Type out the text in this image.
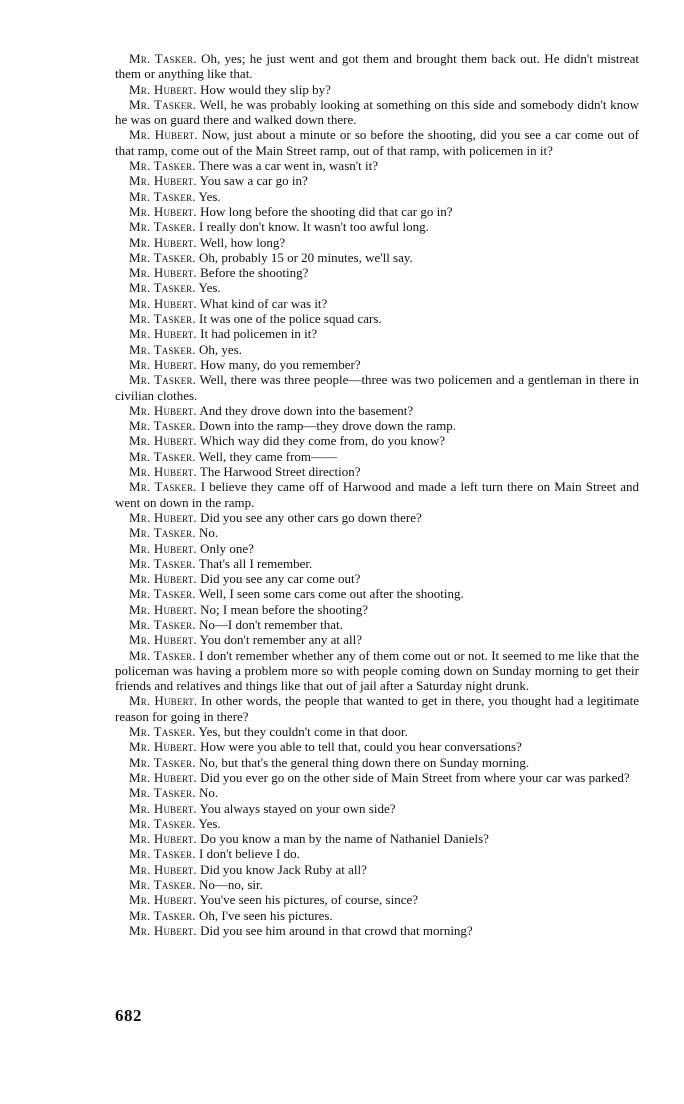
Mr. Tasker. Oh, yes; he just went and got them and brought them back out. He didn't mistreat them or anything like that.

Mr. Hubert. How would they slip by?

Mr. Tasker. Well, he was probably looking at something on this side and somebody didn't know he was on guard there and walked down there.

Mr. Hubert. Now, just about a minute or so before the shooting, did you see a car come out of that ramp, come out of the Main Street ramp, out of that ramp, with policemen in it?

Mr. Tasker. There was a car went in, wasn't it?

Mr. Hubert. You saw a car go in?

Mr. Tasker. Yes.

Mr. Hubert. How long before the shooting did that car go in?

Mr. Tasker. I really don't know. It wasn't too awful long.

Mr. Hubert. Well, how long?

Mr. Tasker. Oh, probably 15 or 20 minutes, we'll say.

Mr. Hubert. Before the shooting?

Mr. Tasker. Yes.

Mr. Hubert. What kind of car was it?

Mr. Tasker. It was one of the police squad cars.

Mr. Hubert. It had policemen in it?

Mr. Tasker. Oh, yes.

Mr. Hubert. How many, do you remember?

Mr. Tasker. Well, there was three people—three was two policemen and a gentleman in there in civilian clothes.

Mr. Hubert. And they drove down into the basement?

Mr. Tasker. Down into the ramp—they drove down the ramp.

Mr. Hubert. Which way did they come from, do you know?

Mr. Tasker. Well, they came from——

Mr. Hubert. The Harwood Street direction?

Mr. Tasker. I believe they came off of Harwood and made a left turn there on Main Street and went on down in the ramp.

Mr. Hubert. Did you see any other cars go down there?

Mr. Tasker. No.

Mr. Hubert. Only one?

Mr. Tasker. That's all I remember.

Mr. Hubert. Did you see any car come out?

Mr. Tasker. Well, I seen some cars come out after the shooting.

Mr. Hubert. No; I mean before the shooting?

Mr. Tasker. No—I don't remember that.

Mr. Hubert. You don't remember any at all?

Mr. Tasker. I don't remember whether any of them come out or not. It seemed to me like that the policeman was having a problem more so with people coming down on Sunday morning to get their friends and relatives and things like that out of jail after a Saturday night drunk.

Mr. Hubert. In other words, the people that wanted to get in there, you thought had a legitimate reason for going in there?

Mr. Tasker. Yes, but they couldn't come in that door.

Mr. Hubert. How were you able to tell that, could you hear conversations?

Mr. Tasker. No, but that's the general thing down there on Sunday morning.

Mr. Hubert. Did you ever go on the other side of Main Street from where your car was parked?

Mr. Tasker. No.

Mr. Hubert. You always stayed on your own side?

Mr. Tasker. Yes.

Mr. Hubert. Do you know a man by the name of Nathaniel Daniels?

Mr. Tasker. I don't believe I do.

Mr. Hubert. Did you know Jack Ruby at all?

Mr. Tasker. No—no, sir.

Mr. Hubert. You've seen his pictures, of course, since?

Mr. Tasker. Oh, I've seen his pictures.

Mr. Hubert. Did you see him around in that crowd that morning?

682
